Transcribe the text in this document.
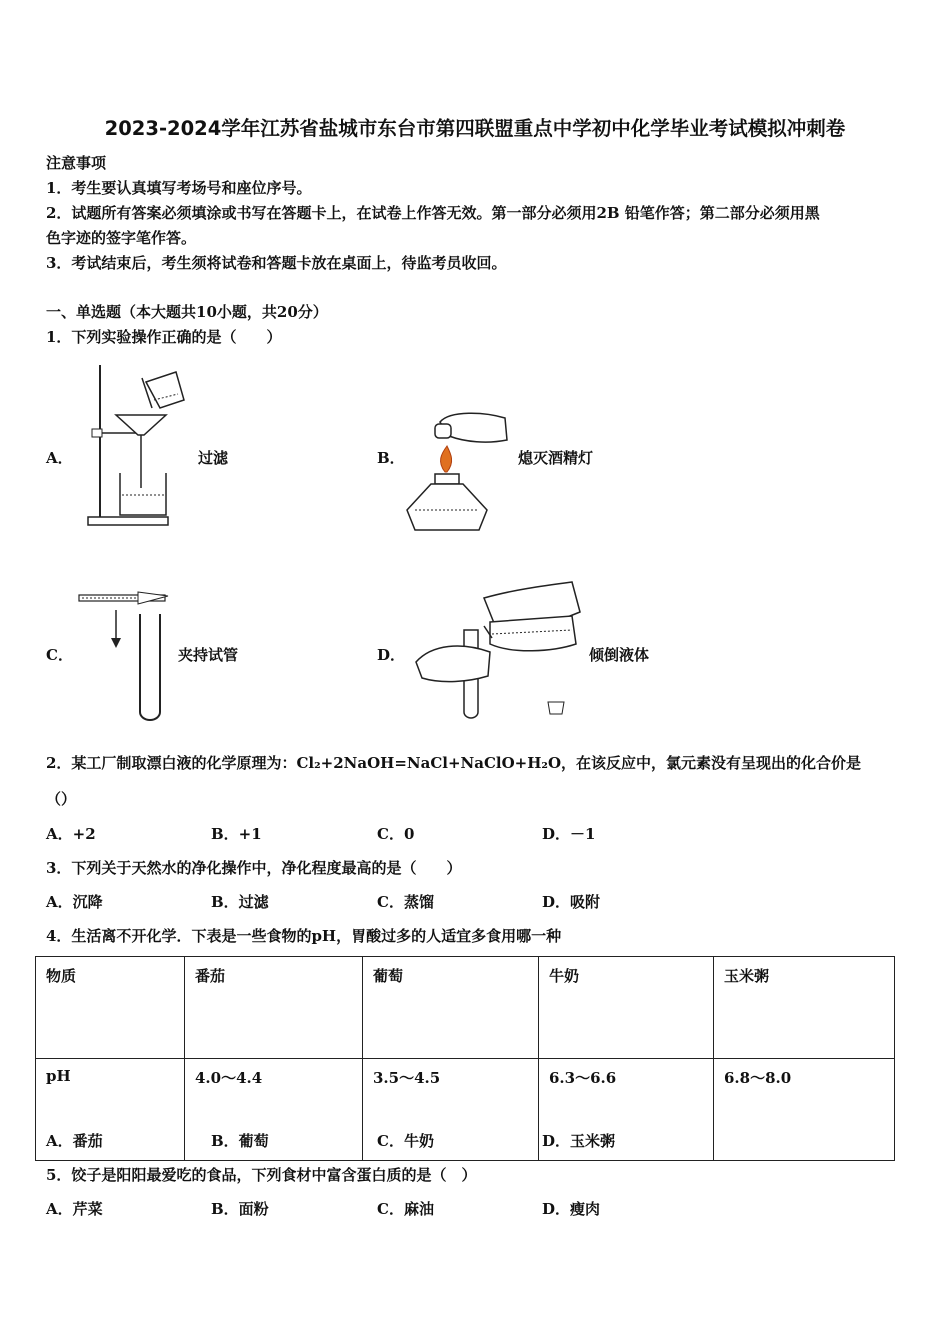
2023-2024学年江苏省盐城市东台市第四联盟重点中学初中化学毕业考试模拟冲刺卷
注意事项
1．考生要认真填写考场号和座位序号。
2．试题所有答案必须填涂或书写在答题卡上，在试卷上作答无效。第一部分必须用2B 铅笔作答；第二部分必须用黑
色字迹的签字笔作答。
3．考试结束后，考生须将试卷和答题卡放在桌面上，待监考员收回。
一、单选题（本大题共10小题，共20分）
1．下列实验操作正确的是（　　）
A．	过滤	B．	熄灭酒精灯
C．	夹持试管	D．	倾倒液体
2．某工厂制取漂白液的化学原理为：Cl₂+2NaOH=NaCl+NaClO+H₂O，在该反应中，氯元素没有呈现出的化合价是
（）
A．+2	B．+1	C．0	D．－1
3．下列关于天然水的净化操作中，净化程度最高的是（　　）
A．沉降	B．过滤	C．蒸馏	D．吸附
4．生活离不开化学．下表是一些食物的pH，胃酸过多的人适宜多食用哪一种
物质	番茄	葡萄	牛奶	玉米粥
pH	4.0～4.4	3.5～4.5	6.3～6.6	6.8～8.0
A．番茄	B．葡萄	C．牛奶	D．玉米粥
5．饺子是阳阳最爱吃的食品，下列食材中富含蛋白质的是（　）
A．芹菜	B．面粉	C．麻油	D．瘦肉
